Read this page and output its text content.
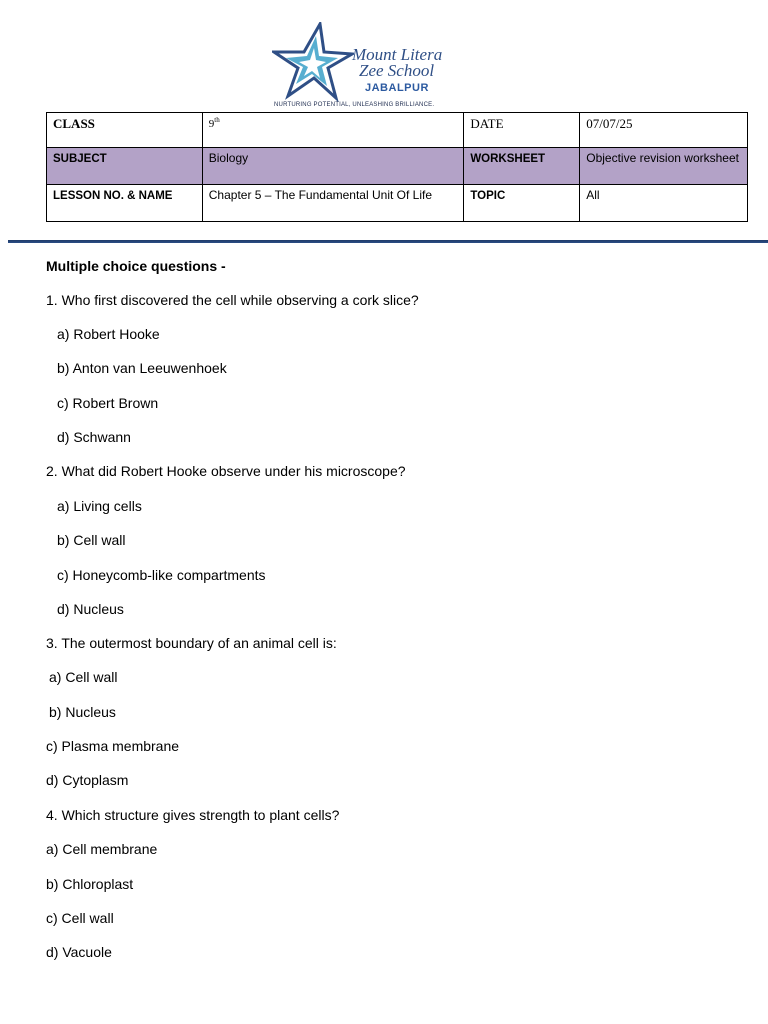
Mount Litera
Zee School
JABALPUR
NURTURING POTENTIAL, UNLEASHING BRILLIANCE.
CLASS	9th	DATE	07/07/25
SUBJECT	Biology	WORKSHEET	Objective revision worksheet
LESSON NO. & NAME	Chapter 5 – The Fundamental Unit Of Life	TOPIC	All
Multiple choice questions -
1. Who first discovered the cell while observing a cork slice?
a) Robert Hooke
b) Anton van Leeuwenhoek
c) Robert Brown
d) Schwann
2. What did Robert Hooke observe under his microscope?
a) Living cells
b) Cell wall
c) Honeycomb-like compartments
d) Nucleus
3. The outermost boundary of an animal cell is:
a) Cell wall
b) Nucleus
c) Plasma membrane
d) Cytoplasm
4. Which structure gives strength to plant cells?
a) Cell membrane
b) Chloroplast
c) Cell wall
d) Vacuole
